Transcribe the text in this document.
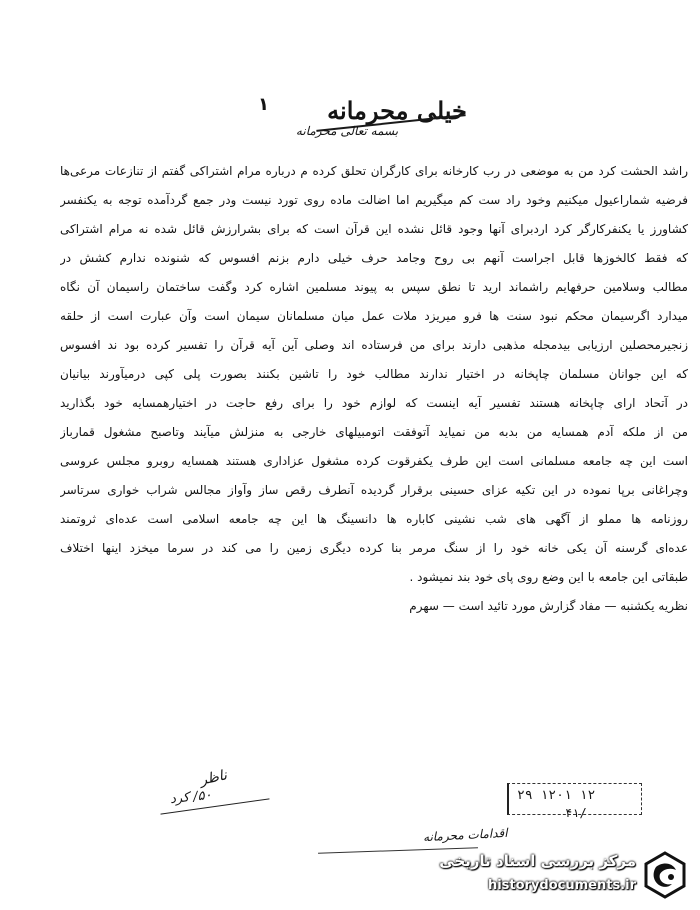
۱ خیلی محرمانه
بسمه تعالی محرمانه
راشد الحشت کرد من به موضعی در رب کارخانه برای کارگران تحلق کرده م درباره مرام اشتراکی گفتم از تنازعات مرعی‌ها
فرضیه شماراعیول میکنیم وخود راد ست کم میگیریم اما اضالت ماده روی تورد نیست ودر جمع گردآمده توجه به یکنفسر
کشاورز یا یکنفرکارگر کرد اردبرای آنها وجود قائل نشده این قرآن است که برای بشرارزش قائل شده نه مرام اشتراکی
که فقط کالخوزها قابل اجراست آنهم بی روح وجامد حرف خیلی دارم بزنم افسوس که شنونده ندارم کشش در
مطالب وسلامین حرفهایم راشماند ارید تا نطق سپس به پیوند مسلمین اشاره کرد وگفت ساختمان راسیمان آن نگاه
میدارد اگرسیمان محکم نبود سنت ها فرو میریزد ملات عمل میان مسلمانان سیمان است وآن عبارت است از حلقه
زنجیرمحصلین ارزیابی بیدمجله مذهبی دارند برای من فرستاده اند وصلی آین آیه قرآن را تفسیر کرده بود ند افسوس
که این جوانان مسلمان چاپخانه در اختیار ندارند مطالب خود را تاشین بکنند بصورت پلی کپی درمیآورند بیانیان
در آتحاد ارای چاپخانه هستند تفسیر آیه اینست که لوازم خود را برای رفع حاجت در اختیارهمسایه خود بگذارید
من از ملکه آدم همسایه من بدبه من نمیاید آتوفقت اتومبیلهای خارجی به منزلش میآیند وتاصبح مشغول قمارباز
است این چه جامعه مسلمانی است این طرف یکفرقوت کرده مشغول عزاداری هستند همسایه روبرو مجلس عروسی
وچراغانی برپا نموده در این تکیه عزای حسینی برقرار گردیده آنطرف رقص ساز وآواز مجالس شراب خواری سرتاسر
روزنامه ها مملو از آگهی های شب نشینی کاباره ها دانسینگ ها این چه جامعه اسلامی است عده‌ای ثروتمند
عده‌ای گرسنه آن یکی خانه خود را از سنگ مرمر بنا کرده دیگری زمین را می کند در سرما میخزد اینها اختلاف
طبقاتی این جامعه با این وضع روی پای خود بند نمیشود .
نظریه یکشنبه — مفاد گزارش مورد تائید است — سهرم
ناظر
۵۰/ کرد	۲۹ ۱۲۰۱ ۱۲
۴۱/
اقدامات محرمانه
مرکز بررسی اسناد تاریخی
historydocuments.ir
